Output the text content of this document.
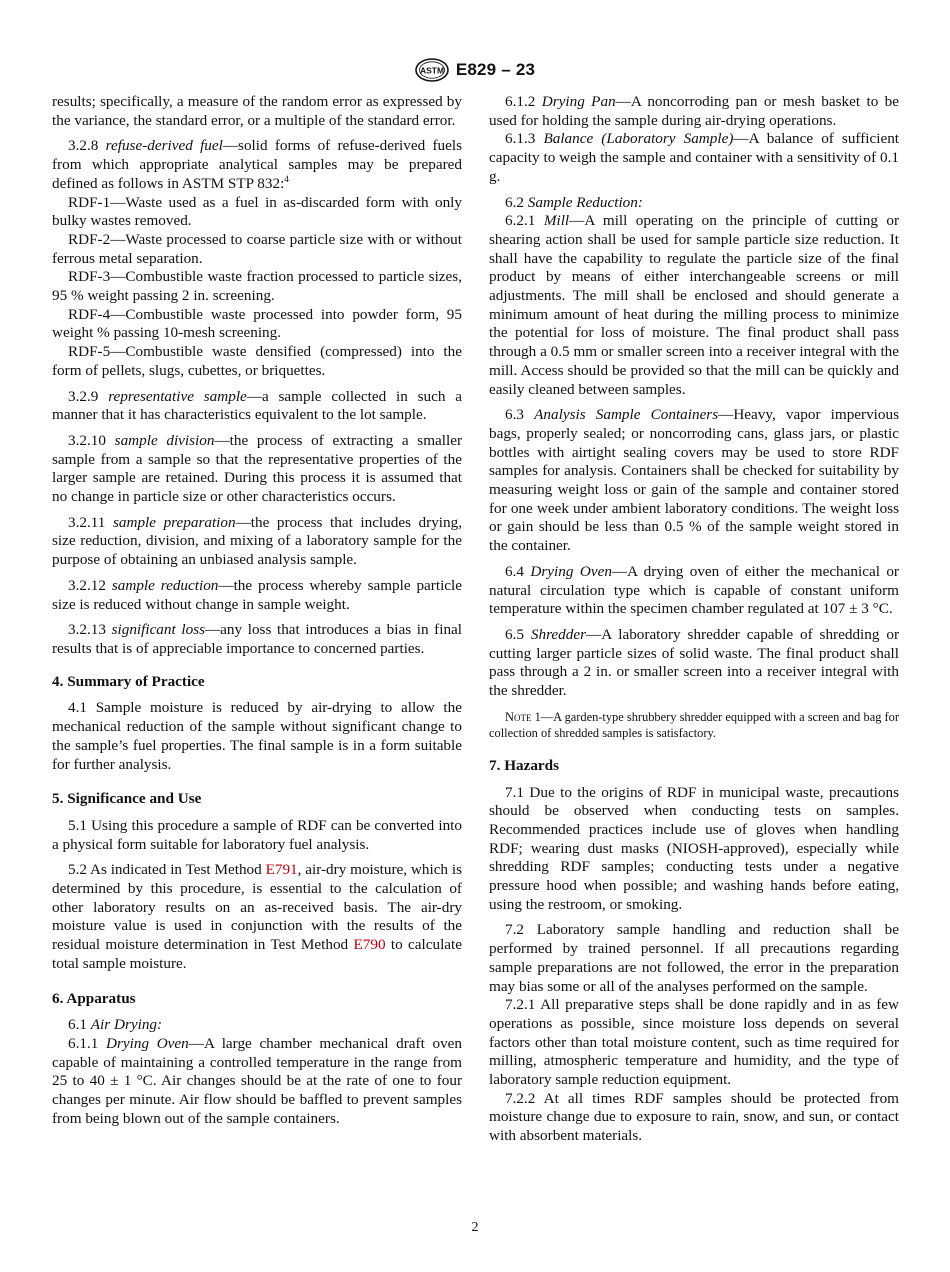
ASTM E829 – 23

results; specifically, a measure of the random error as expressed by the variance, the standard error, or a multiple of the standard error.

3.2.8 refuse-derived fuel—solid forms of refuse-derived fuels from which appropriate analytical samples may be prepared defined as follows in ASTM STP 832:$^4$

RDF-1—Waste used as a fuel in as-discarded form with only bulky wastes removed.

RDF-2—Waste processed to coarse particle size with or without ferrous metal separation.

RDF-3—Combustible waste fraction processed to particle sizes, 95 % weight passing 2 in. screening.

RDF-4—Combustible waste processed into powder form, 95 weight % passing 10-mesh screening.

RDF-5—Combustible waste densified (compressed) into the form of pellets, slugs, cubettes, or briquettes.

3.2.9 representative sample—a sample collected in such a manner that it has characteristics equivalent to the lot sample.

3.2.10 sample division—the process of extracting a smaller sample from a sample so that the representative properties of the larger sample are retained. During this process it is assumed that no change in particle size or other characteristics occurs.

3.2.11 sample preparation—the process that includes drying, size reduction, division, and mixing of a laboratory sample for the purpose of obtaining an unbiased analysis sample.

3.2.12 sample reduction—the process whereby sample particle size is reduced without change in sample weight.

3.2.13 significant loss—any loss that introduces a bias in final results that is of appreciable importance to concerned parties.

4. Summary of Practice

4.1 Sample moisture is reduced by air-drying to allow the mechanical reduction of the sample without significant change to the sample’s fuel properties. The final sample is in a form suitable for further analysis.

5. Significance and Use

5.1 Using this procedure a sample of RDF can be converted into a physical form suitable for laboratory fuel analysis.

5.2 As indicated in Test Method E791, air-dry moisture, which is determined by this procedure, is essential to the calculation of other laboratory results on an as-received basis. The air-dry moisture value is used in conjunction with the results of the residual moisture determination in Test Method E790 to calculate total sample moisture.

6. Apparatus

6.1 Air Drying:

6.1.1 Drying Oven—A large chamber mechanical draft oven capable of maintaining a controlled temperature in the range from 25 to 40 ± 1 °C. Air changes should be at the rate of one to four changes per minute. Air flow should be baffled to prevent samples from being blown out of the sample containers.

6.1.2 Drying Pan—A noncorroding pan or mesh basket to be used for holding the sample during air-drying operations.

6.1.3 Balance (Laboratory Sample)—A balance of sufficient capacity to weigh the sample and container with a sensitivity of 0.1 g.

6.2 Sample Reduction:

6.2.1 Mill—A mill operating on the principle of cutting or shearing action shall be used for sample particle size reduction. It shall have the capability to regulate the particle size of the final product by means of either interchangeable screens or mill adjustments. The mill shall be enclosed and should generate a minimum amount of heat during the milling process to minimize the potential for loss of moisture. The final product shall pass through a 0.5 mm or smaller screen into a receiver integral with the mill. Access should be provided so that the mill can be quickly and easily cleaned between samples.

6.3 Analysis Sample Containers—Heavy, vapor impervious bags, properly sealed; or noncorroding cans, glass jars, or plastic bottles with airtight sealing covers may be used to store RDF samples for analysis. Containers shall be checked for suitability by measuring weight loss or gain of the sample and container stored for one week under ambient laboratory conditions. The weight loss or gain should be less than 0.5 % of the sample weight stored in the container.

6.4 Drying Oven—A drying oven of either the mechanical or natural circulation type which is capable of constant uniform temperature within the specimen chamber regulated at 107 ± 3 °C.

6.5 Shredder—A laboratory shredder capable of shredding or cutting larger particle sizes of solid waste. The final product shall pass through a 2 in. or smaller screen into a receiver integral with the shredder.

Note 1—A garden-type shrubbery shredder equipped with a screen and bag for collection of shredded samples is satisfactory.

7. Hazards

7.1 Due to the origins of RDF in municipal waste, precautions should be observed when conducting tests on samples. Recommended practices include use of gloves when handling RDF; wearing dust masks (NIOSH-approved), especially while shredding RDF samples; conducting tests under a negative pressure hood when possible; and washing hands before eating, using the restroom, or smoking.

7.2 Laboratory sample handling and reduction shall be performed by trained personnel. If all precautions regarding sample preparations are not followed, the error in the preparation may bias some or all of the analyses performed on the sample.

7.2.1 All preparative steps shall be done rapidly and in as few operations as possible, since moisture loss depends on several factors other than total moisture content, such as time required for milling, atmospheric temperature and humidity, and the type of laboratory sample reduction equipment.

7.2.2 At all times RDF samples should be protected from moisture change due to exposure to rain, snow, and sun, or contact with absorbent materials.

2
